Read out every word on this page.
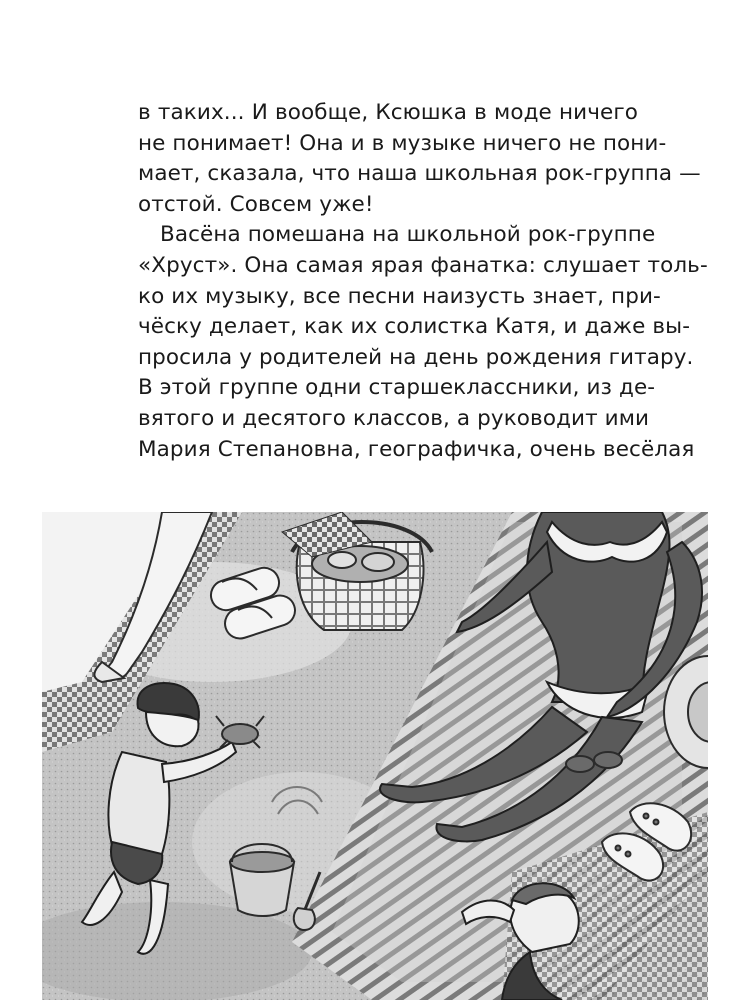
в таких... И вообще, Ксюшка в моде ничего
не понимает! Она и в музыке ничего не пони-
мает, сказала, что наша школьная рок-группа —
отстой. Совсем уже!
Васёна помешана на школьной рок-группе
«Хруст». Она самая ярая фанатка: слушает толь-
ко их музыку, все песни наизусть знает, при-
чёску делает, как их солистка Катя, и даже вы-
просила у родителей на день рождения гитару.
В этой группе одни старшеклассники, из де-
вятого и десятого классов, а руководит ими
Мария Степановна, географичка, очень весёлая
